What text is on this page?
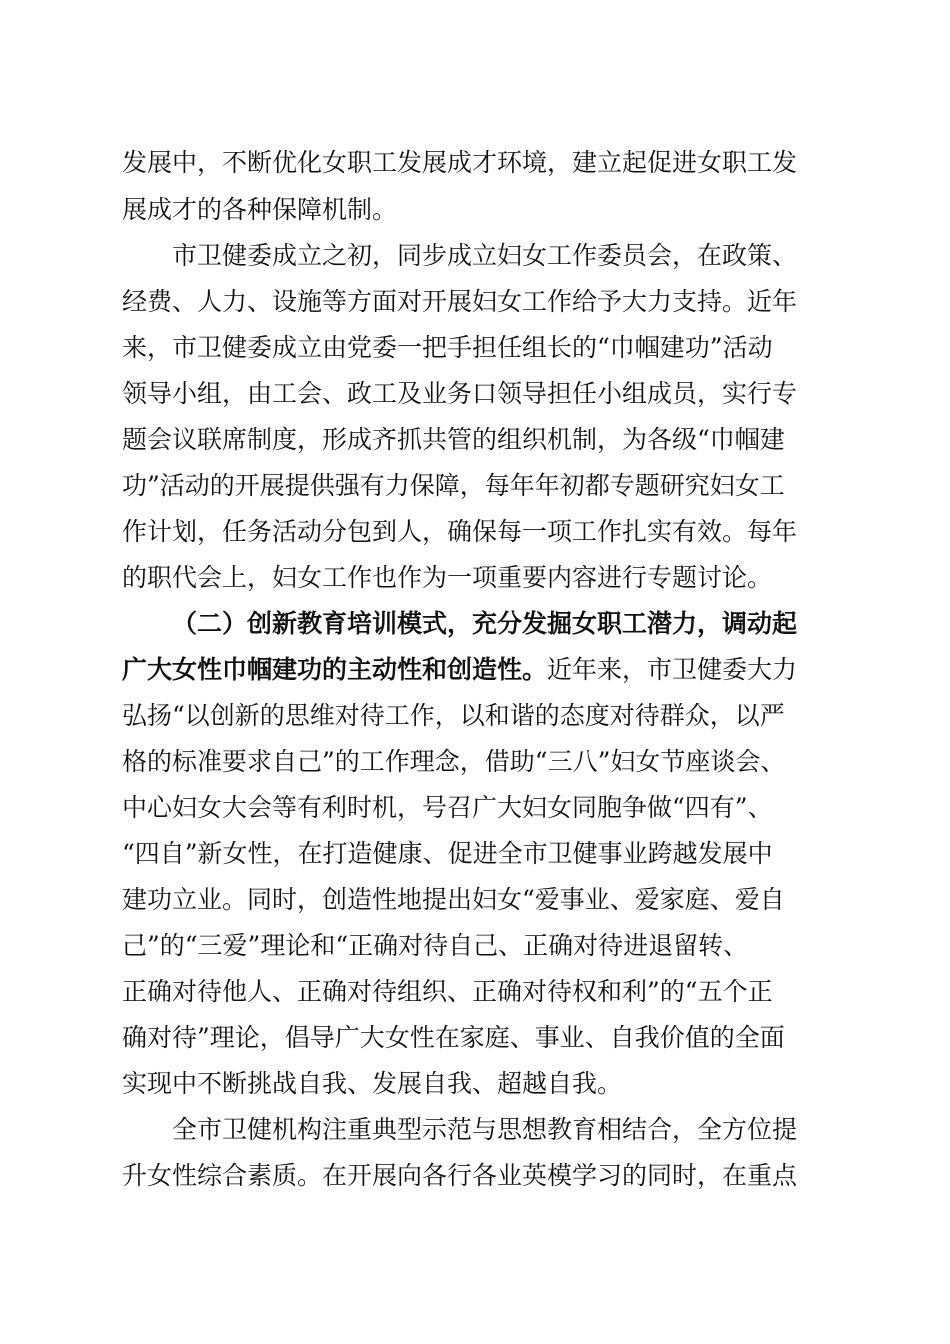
发展中，不断优化女职工发展成才环境，建立起促进女职工发
展成才的各种保障机制。
市卫健委成立之初，同步成立妇女工作委员会，在政策、
经费、人力、设施等方面对开展妇女工作给予大力支持。近年
来，市卫健委成立由党委一把手担任组长的“巾帼建功”活动
领导小组，由工会、政工及业务口领导担任小组成员，实行专
题会议联席制度，形成齐抓共管的组织机制，为各级“巾帼建
功”活动的开展提供强有力保障，每年年初都专题研究妇女工
作计划，任务活动分包到人，确保每一项工作扎实有效。每年
的职代会上，妇女工作也作为一项重要内容进行专题讨论。
（二）创新教育培训模式，充分发掘女职工潜力，调动起
广大女性巾帼建功的主动性和创造性。近年来，市卫健委大力
弘扬“以创新的思维对待工作，以和谐的态度对待群众，以严
格的标准要求自己”的工作理念，借助“三八”妇女节座谈会、
中心妇女大会等有利时机，号召广大妇女同胞争做“四有”、
“四自”新女性，在打造健康、促进全市卫健事业跨越发展中
建功立业。同时，创造性地提出妇女“爱事业、爱家庭、爱自
己”的“三爱”理论和“正确对待自己、正确对待进退留转、
正确对待他人、正确对待组织、正确对待权和利”的“五个正
确对待”理论，倡导广大女性在家庭、事业、自我价值的全面
实现中不断挑战自我、发展自我、超越自我。
全市卫健机构注重典型示范与思想教育相结合，全方位提
升女性综合素质。在开展向各行各业英模学习的同时，在重点
